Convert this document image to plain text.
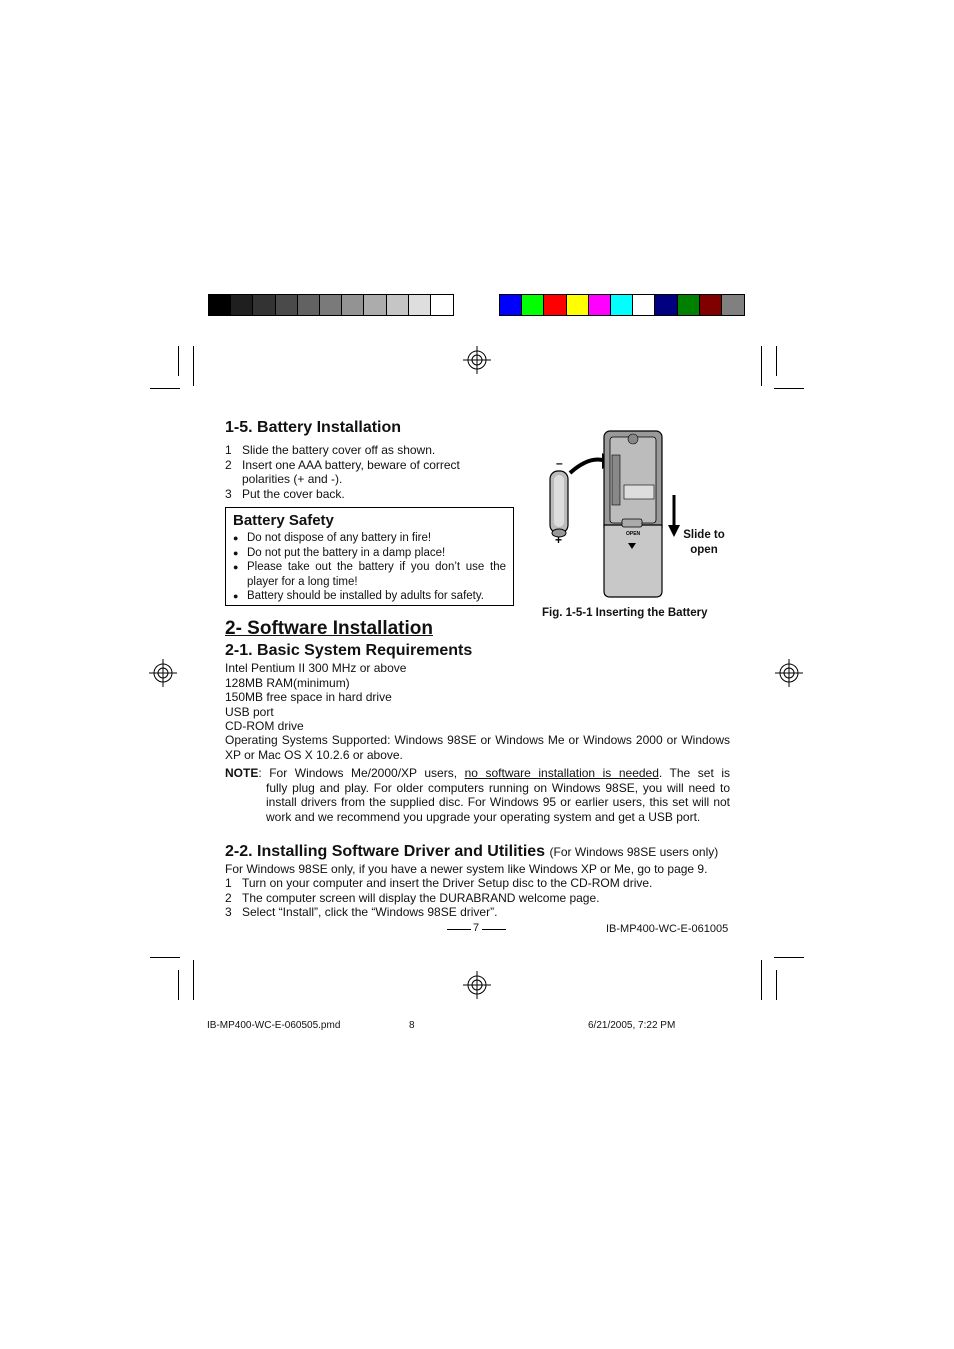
1-5. Battery Installation
1 Slide the battery cover off as shown.
2 Insert one AAA battery, beware of correct polarities (+ and -).
3 Put the cover back.
Battery Safety
● Do not dispose of any battery in fire!
● Do not put the battery in a damp place!
● Please take out the battery if you don’t use the player for a long time!
● Battery should be installed by adults for safety.
–
+	OPEN	Slide to
open
Fig. 1-5-1 Inserting the Battery
2- Software Installation
2-1. Basic System Requirements
Intel Pentium II 300 MHz or above
128MB RAM(minimum)
150MB free space in hard drive
USB port
CD-ROM drive
Operating Systems Supported: Windows 98SE or Windows Me or Windows 2000 or Windows XP or Mac OS X 10.2.6 or above.
NOTE: For Windows Me/2000/XP users, no software installation is needed. The set is
fully plug and play. For older computers running on Windows 98SE, you will need to install drivers from the supplied disc. For Windows 95 or earlier users, this set will not work and we recommend you upgrade your operating system and get a USB port.
2-2. Installing Software Driver and Utilities (For Windows 98SE users only)
For Windows 98SE only, if you have a newer system like Windows XP or Me, go to page 9.
1 Turn on your computer and insert the Driver Setup disc to the CD-ROM drive.
2 The computer screen will display the DURABRAND welcome page.
3 Select “Install”, click the “Windows 98SE driver”.
7	IB-MP400-WC-E-061005
IB-MP400-WC-E-060505.pmd	8	6/21/2005, 7:22 PM
